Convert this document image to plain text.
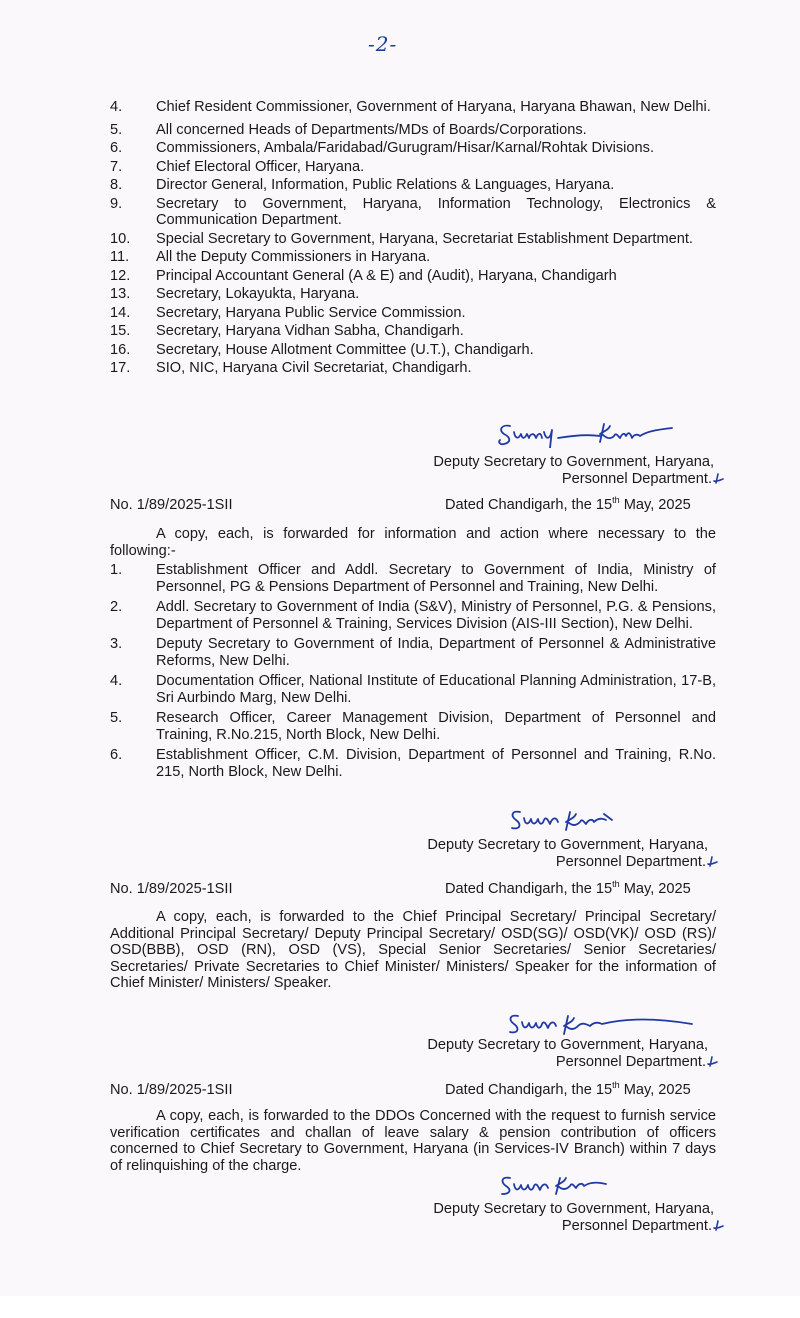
-2-
4. Chief Resident Commissioner, Government of Haryana, Haryana Bhawan, New Delhi.
5. All concerned Heads of Departments/MDs of Boards/Corporations.
6. Commissioners, Ambala/Faridabad/Gurugram/Hisar/Karnal/Rohtak Divisions.
7. Chief Electoral Officer, Haryana.
8. Director General, Information, Public Relations & Languages, Haryana.
9. Secretary to Government, Haryana, Information Technology, Electronics & Communication Department.
10. Special Secretary to Government, Haryana, Secretariat Establishment Department.
11. All the Deputy Commissioners in Haryana.
12. Principal Accountant General (A & E) and (Audit), Haryana, Chandigarh
13. Secretary, Lokayukta, Haryana.
14. Secretary, Haryana Public Service Commission.
15. Secretary, Haryana Vidhan Sabha, Chandigarh.
16. Secretary, House Allotment Committee (U.T.), Chandigarh.
17. SIO, NIC, Haryana Civil Secretariat, Chandigarh.
Deputy Secretary to Government, Haryana,
Personnel Department.
No. 1/89/2025-1SII	Dated Chandigarh, the 15th May, 2025

A copy, each, is forwarded for information and action where necessary to the following:-

1. Establishment Officer and Addl. Secretary to Government of India, Ministry of Personnel, PG & Pensions Department of Personnel and Training, New Delhi.
2. Addl. Secretary to Government of India (S&V), Ministry of Personnel, P.G. & Pensions, Department of Personnel & Training, Services Division (AIS-III Section), New Delhi.
3. Deputy Secretary to Government of India, Department of Personnel & Administrative Reforms, New Delhi.
4. Documentation Officer, National Institute of Educational Planning Administration, 17-B, Sri Aurbindo Marg, New Delhi.
5. Research Officer, Career Management Division, Department of Personnel and Training, R.No.215, North Block, New Delhi.
6. Establishment Officer, C.M. Division, Department of Personnel and Training, R.No. 215, North Block, New Delhi.
Deputy Secretary to Government, Haryana,
Personnel Department.
No. 1/89/2025-1SII	Dated Chandigarh, the 15th May, 2025

A copy, each, is forwarded to the Chief Principal Secretary/ Principal Secretary/ Additional Principal Secretary/ Deputy Principal Secretary/ OSD(SG)/ OSD(VK)/ OSD (RS)/ OSD(BBB), OSD (RN), OSD (VS), Special Senior Secretaries/ Senior Secretaries/ Secretaries/ Private Secretaries to Chief Minister/ Ministers/ Speaker for the information of Chief Minister/ Ministers/ Speaker.

Deputy Secretary to Government, Haryana,
Personnel Department.
No. 1/89/2025-1SII	Dated Chandigarh, the 15th May, 2025

A copy, each, is forwarded to the DDOs Concerned with the request to furnish service verification certificates and challan of leave salary & pension contribution of officers concerned to Chief Secretary to Government, Haryana (in Services-IV Branch) within 7 days of relinquishing of the charge.

Deputy Secretary to Government, Haryana,
Personnel Department.
